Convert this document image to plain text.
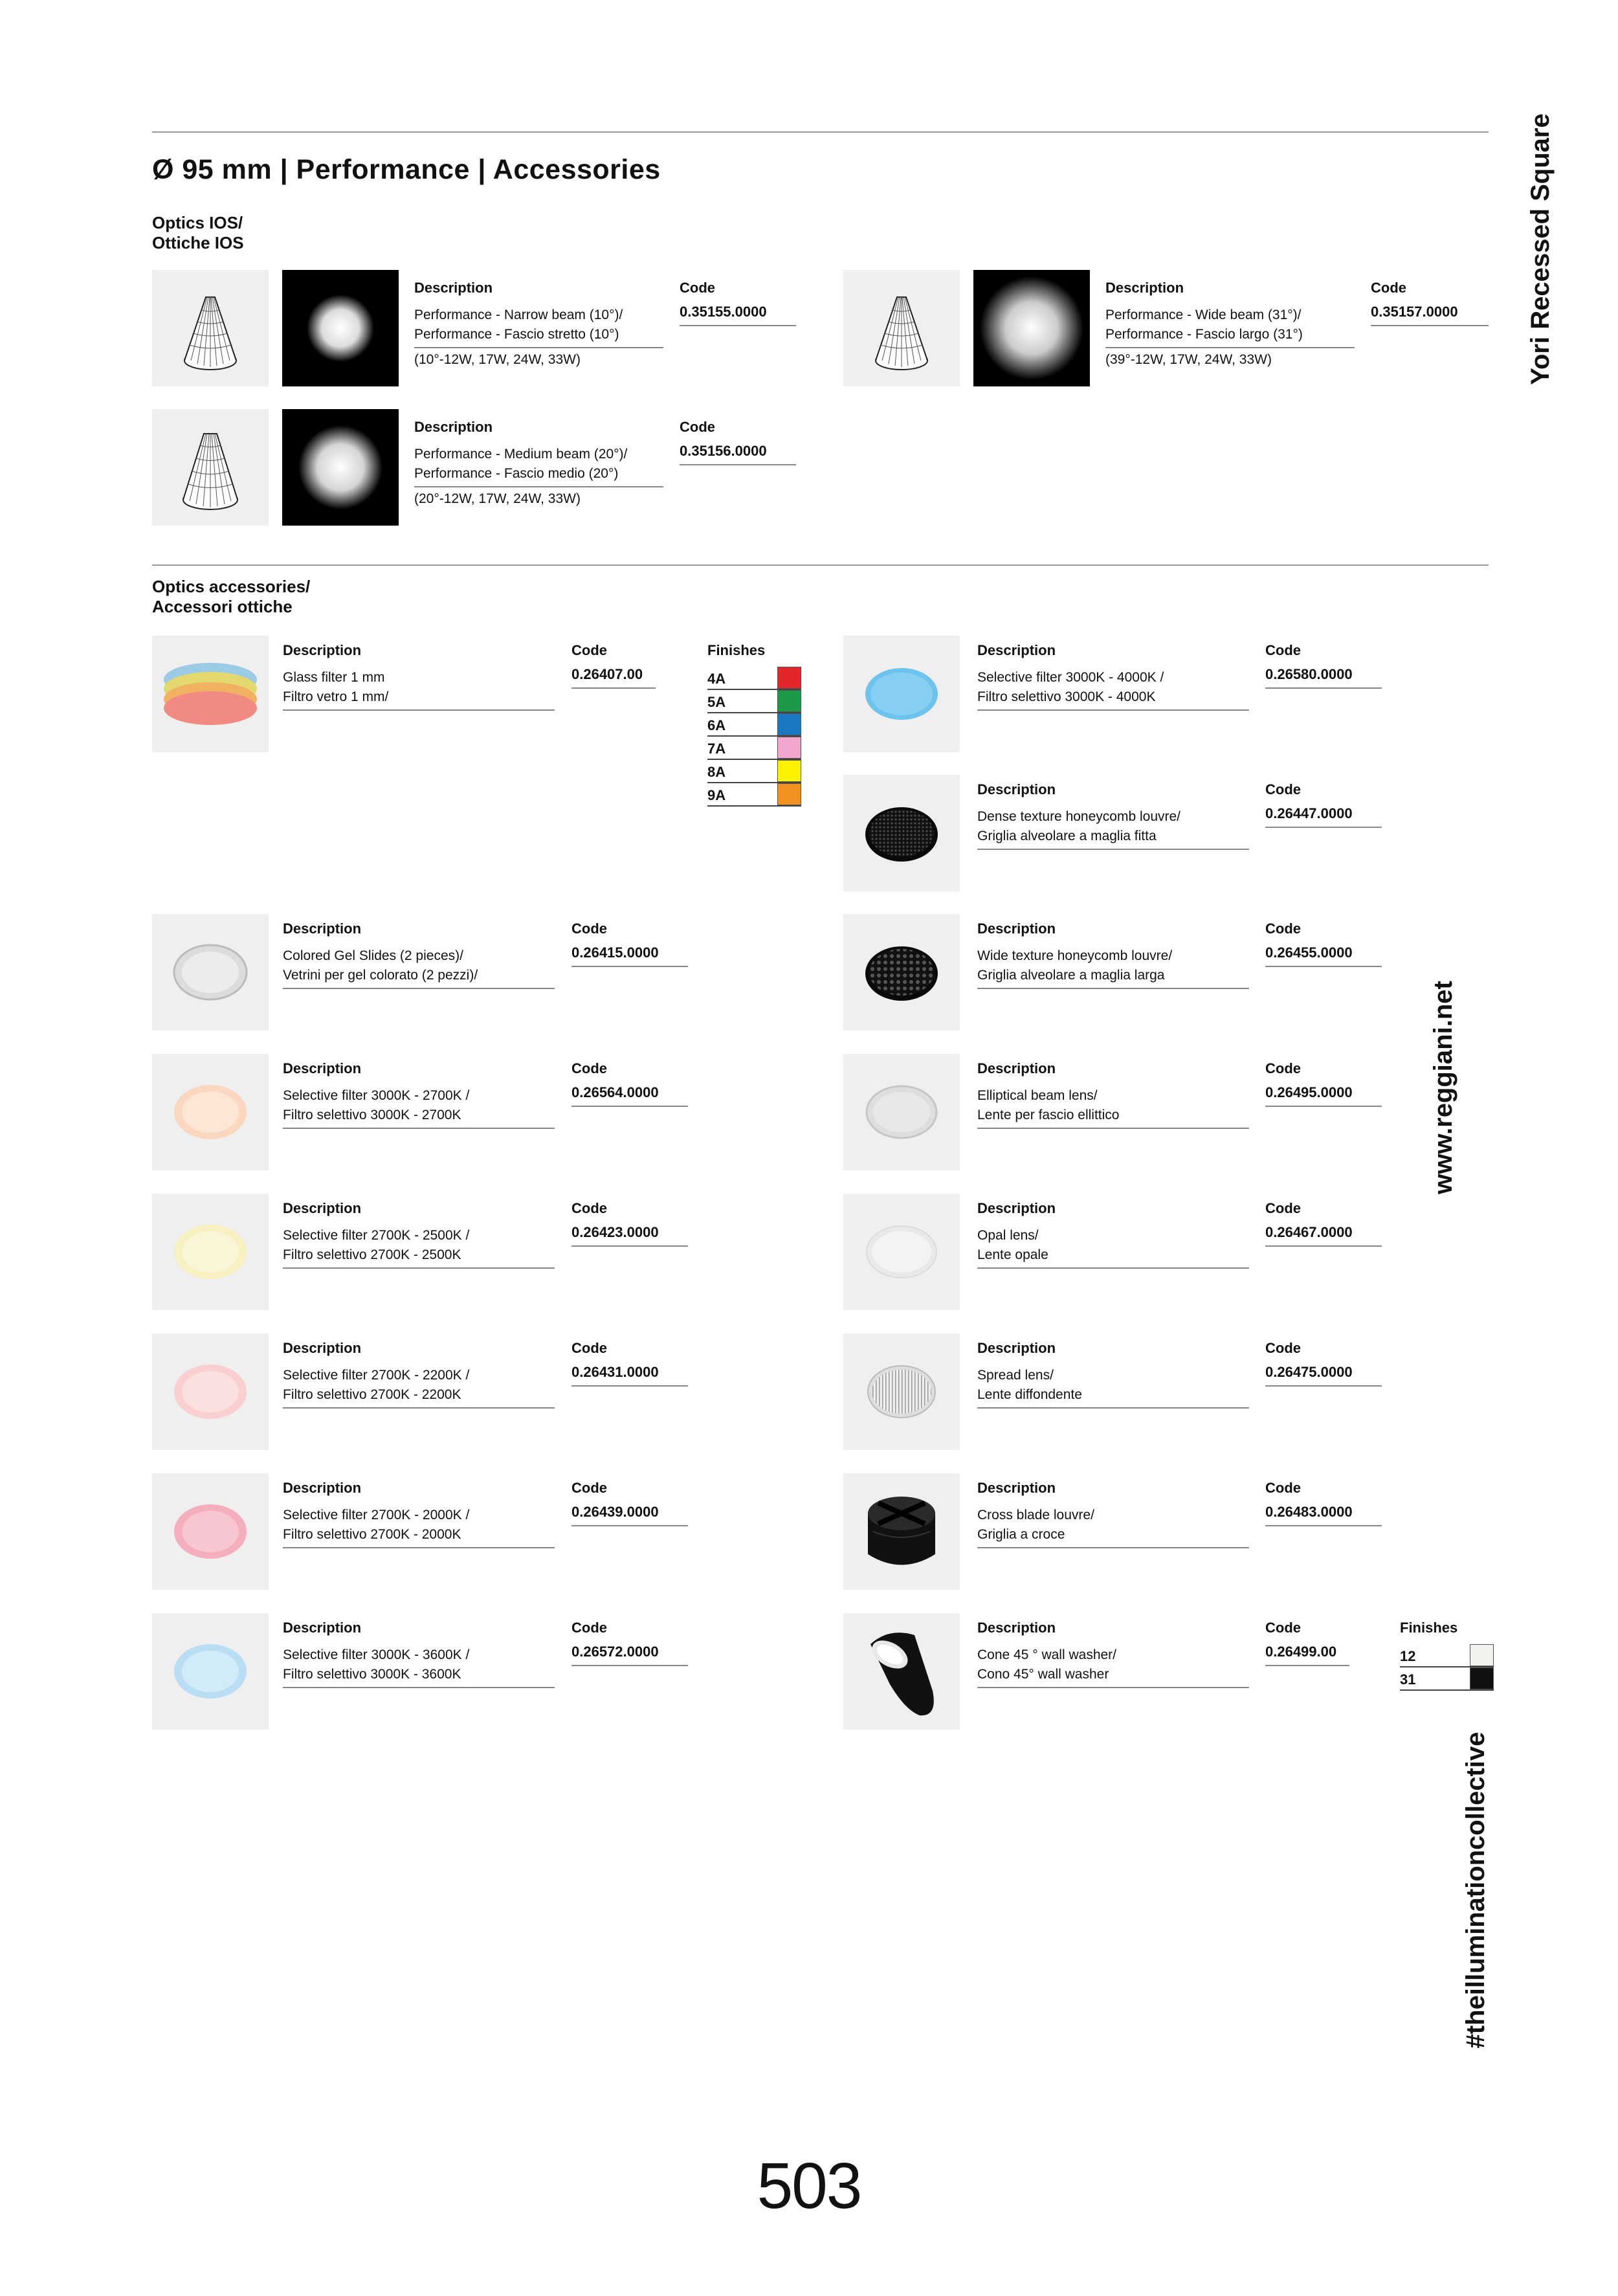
Ø 95 mm | Performance | Accessories	Yori Recessed Square
www.reggiani.net
#theilluminationcollective
Optics IOS/
Ottiche IOS
Description
Performance - Narrow beam (10°)/
Performance - Fascio stretto (10°)
(10°-12W, 17W, 24W, 33W)
Code
0.35155.0000
Description
Performance - Wide beam (31°)/
Performance - Fascio largo (31°)
(39°-12W, 17W, 24W, 33W)
Code
0.35157.0000
Description
Performance - Medium beam (20°)/
Performance - Fascio medio (20°)
(20°-12W, 17W, 24W, 33W)
Code
0.35156.0000
Optics accessories/
Accessori ottiche
Description
Glass filter 1 mm
Filtro vetro 1 mm/
Code
0.26407.00
Finishes
4A
5A
6A
7A
8A
9A
Description
Colored Gel Slides (2 pieces)/
Vetrini per gel colorato (2 pezzi)/
Code
0.26415.0000
Description
Selective filter 3000K - 2700K /
Filtro selettivo 3000K - 2700K
Code
0.26564.0000
Description
Selective filter 2700K - 2500K /
Filtro selettivo 2700K - 2500K
Code
0.26423.0000
Description
Selective filter 2700K - 2200K /
Filtro selettivo 2700K - 2200K
Code
0.26431.0000
Description
Selective filter 2700K - 2000K /
Filtro selettivo 2700K - 2000K
Code
0.26439.0000
Description
Selective filter 3000K - 3600K /
Filtro selettivo 3000K - 3600K
Code
0.26572.0000
Description
Selective filter 3000K - 4000K /
Filtro selettivo 3000K - 4000K
Code
0.26580.0000
Description
Dense texture honeycomb louvre/
Griglia alveolare a maglia fitta
Code
0.26447.0000
Description
Wide texture honeycomb louvre/
Griglia alveolare a maglia larga
Code
0.26455.0000
Description
Elliptical beam lens/
Lente per fascio ellittico
Code
0.26495.0000
Description
Opal lens/
Lente opale
Code
0.26467.0000
Description
Spread lens/
Lente diffondente
Code
0.26475.0000
Description
Cross blade louvre/
Griglia a croce
Code
0.26483.0000
Description
Cone 45 ° wall washer/
Cono 45° wall washer
Code
0.26499.00
Finishes
12
31
503
